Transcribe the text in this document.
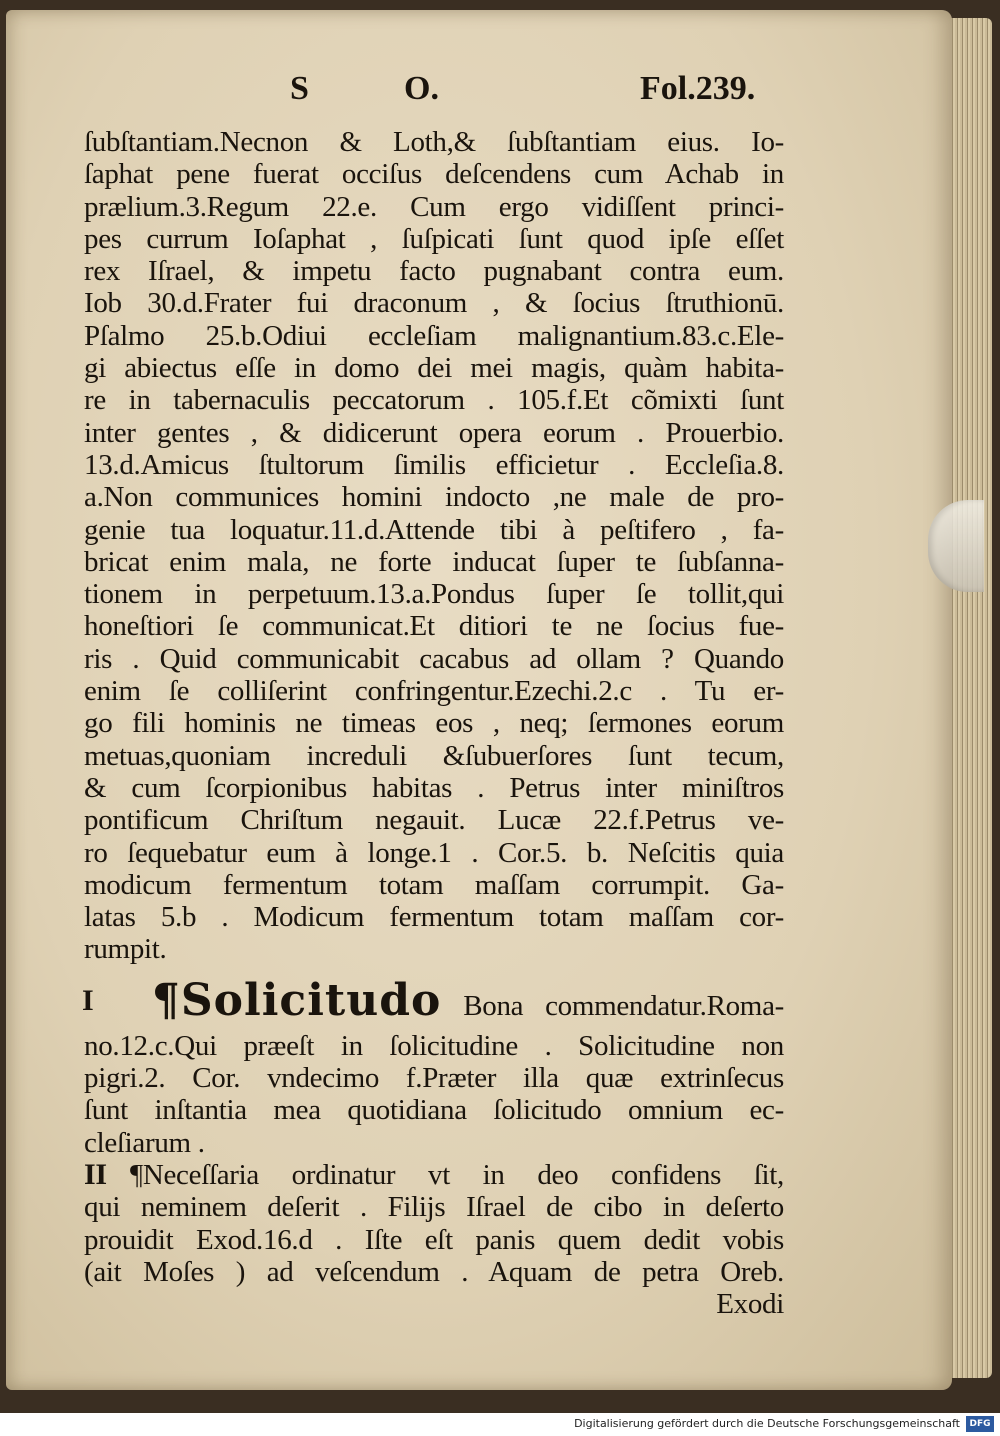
S	O.	Fol.239.
ſubſtantiam.Necnon & Loth,& ſubſtantiam eius. Io-
ſaphat pene fuerat occiſus deſcendens cum Achab in
prælium.3.Regum 22.e. Cum ergo vidiſſent princi-
pes currum Ioſaphat , ſuſpicati ſunt quod ipſe eſſet
rex Iſrael, & impetu facto pugnabant contra eum.
Iob 30.d.Frater fui draconum , & ſocius ſtruthionū.
Pſalmo 25.b.Odiui eccleſiam malignantium.83.c.Ele-
gi abiectus eſſe in domo dei mei magis, quàm habita-
re in tabernaculis peccatorum . 105.f.Et cõmixti ſunt
inter gentes , & didicerunt opera eorum . Prouerbio.
13.d.Amicus ſtultorum ſimilis efficietur . Eccleſia.8.
a.Non communices homini indocto ,ne male de pro-
genie tua loquatur.11.d.Attende tibi à peſtifero , fa-
bricat enim mala, ne forte inducat ſuper te ſubſanna-
tionem in perpetuum.13.a.Pondus ſuper ſe tollit,qui
honeſtiori ſe communicat.Et ditiori te ne ſocius fue-
ris . Quid communicabit cacabus ad ollam ? Quando
enim ſe colliſerint confringentur.Ezechi.2.c . Tu er-
go fili hominis ne timeas eos , neq; ſermones eorum
metuas,quoniam increduli &ſubuerſores ſunt tecum,
& cum ſcorpionibus habitas . Petrus inter miniſtros
pontificum Chriſtum negauit. Lucæ 22.f.Petrus ve-
ro ſequebatur eum à longe.1 . Cor.5. b. Neſcitis quia
modicum fermentum totam maſſam corrumpit. Ga-
latas 5.b . Modicum fermentum totam maſſam cor-
rumpit.
I ¶Solicitudo Bona commendatur.Roma-
no.12.c.Qui præeſt in ſolicitudine . Solicitudine non
pigri.2. Cor. vndecimo f.Præter illa quæ extrinſecus
ſunt inſtantia mea quotidiana ſolicitudo omnium ec-
cleſiarum .
II ¶Neceſſaria ordinatur vt in deo confidens ſit,
qui neminem deſerit . Filijs Iſrael de cibo in deſerto
prouidit Exod.16.d . Iſte eſt panis quem dedit vobis
(ait Moſes ) ad veſcendum . Aquam de petra Oreb.
Exodi
Digitalisierung gefördert durch die Deutsche Forschungsgemeinschaft	DFG
